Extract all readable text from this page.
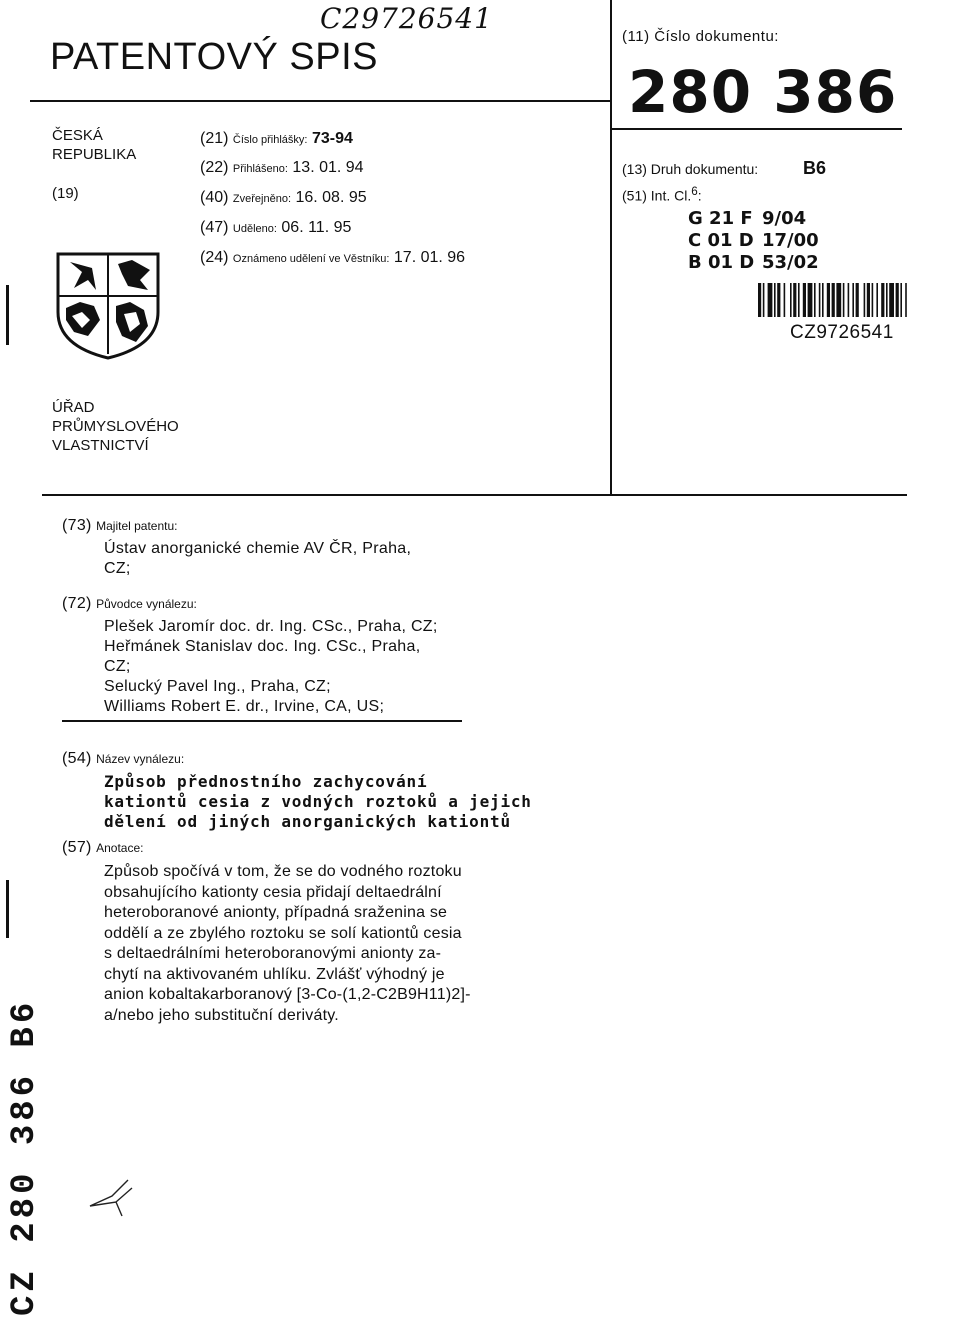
PATENTOVÝ SPIS
C29726541
ČESKÁ
REPUBLIKA
(19)
(21) Číslo přihlášky: 73-94
(22) Přihlášeno: 13. 01. 94
(40) Zveřejněno: 16. 08. 95
(47) Uděleno: 06. 11. 95
(24) Oznámeno udělení ve Věstníku: 17. 01. 96
(11) Číslo dokumentu:
280 386
(13) Druh dokumentu: B6
(51) Int. Cl.$^6$:
G 21 F 9/04
C 01 D 17/00
B 01 D 53/02
CZ9726541
ÚŘAD
PRŮMYSLOVÉHO
VLASTNICTVÍ
(73) Majitel patentu:
Ústav anorganické chemie AV ČR, Praha,
CZ;
(72) Původce vynálezu:
Plešek Jaromír doc. dr. Ing. CSc., Praha, CZ;
Heřmánek Stanislav doc. Ing. CSc., Praha,
CZ;
Selucký Pavel Ing., Praha, CZ;
Williams Robert E. dr., Irvine, CA, US;
(54) Název vynálezu:
Způsob přednostního zachycování
kationtů cesia z vodných roztoků a jejich
dělení od jiných anorganických kationtů
(57) Anotace:
Způsob spočívá v tom, že se do vodného roztoku
obsahujícího kationty cesia přidají deltaedrální
heteroboranové anionty, případná sraženina se
oddělí a ze zbylého roztoku se solí kationtů cesia
s deltaedrálními heteroboranovými anionty za-
chytí na aktivovaném uhlíku. Zvlášť výhodný je
anion kobaltakarboranový [3-Co-(1,2-C2B9H11)2]-
a/nebo jeho substituční deriváty.
CZ 280 386 B6
